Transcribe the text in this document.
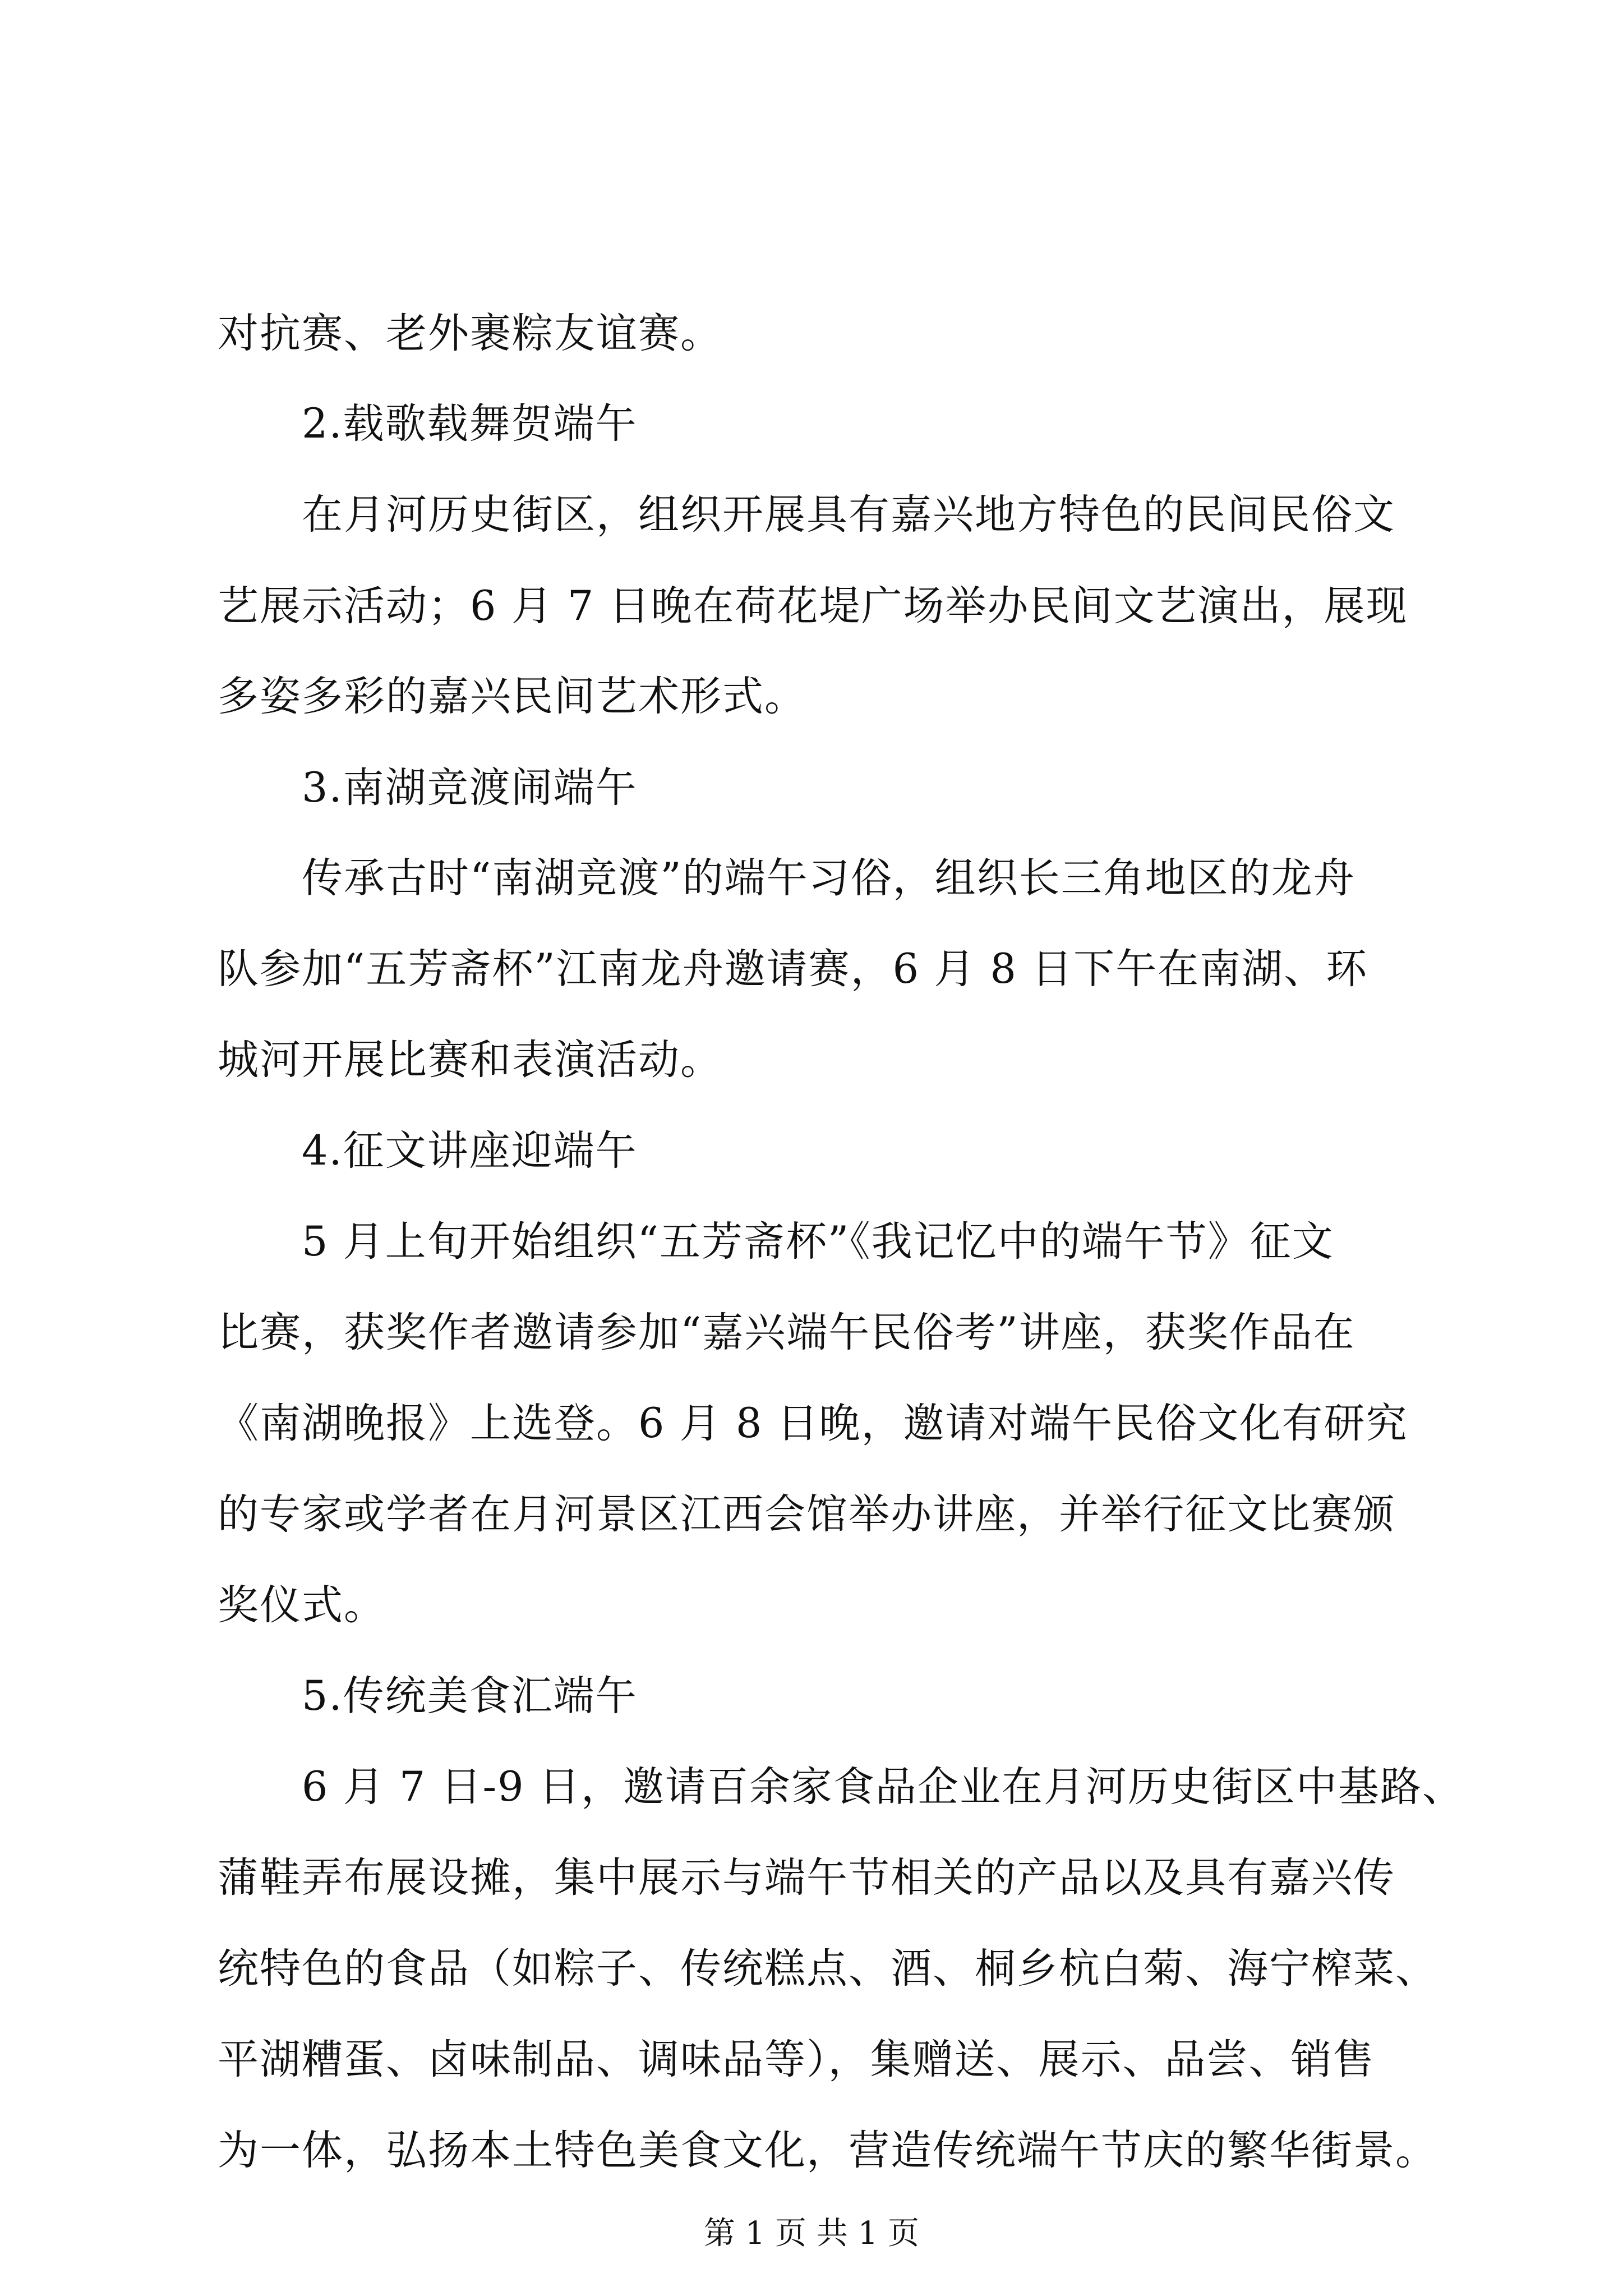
对抗赛、老外裹粽友谊赛。
2.载歌载舞贺端午
在月河历史街区，组织开展具有嘉兴地方特色的民间民俗文
艺展示活动；6 月 7 日晚在荷花堤广场举办民间文艺演出，展现
多姿多彩的嘉兴民间艺术形式。
3.南湖竞渡闹端午
传承古时“南湖竞渡”的端午习俗，组织长三角地区的龙舟
队参加“五芳斋杯”江南龙舟邀请赛，6 月 8 日下午在南湖、环
城河开展比赛和表演活动。
4.征文讲座迎端午
5 月上旬开始组织“五芳斋杯”《我记忆中的端午节》征文
比赛，获奖作者邀请参加“嘉兴端午民俗考”讲座，获奖作品在
《南湖晚报》上选登。6 月 8 日晚，邀请对端午民俗文化有研究
的专家或学者在月河景区江西会馆举办讲座，并举行征文比赛颁
奖仪式。
5.传统美食汇端午
6 月 7 日-9 日，邀请百余家食品企业在月河历史街区中基路、
蒲鞋弄布展设摊，集中展示与端午节相关的产品以及具有嘉兴传
统特色的食品（如粽子、传统糕点、酒、桐乡杭白菊、海宁榨菜、
平湖糟蛋、卤味制品、调味品等），集赠送、展示、品尝、销售
为一体，弘扬本土特色美食文化，营造传统端午节庆的繁华街景。
第 1 页 共 1 页
